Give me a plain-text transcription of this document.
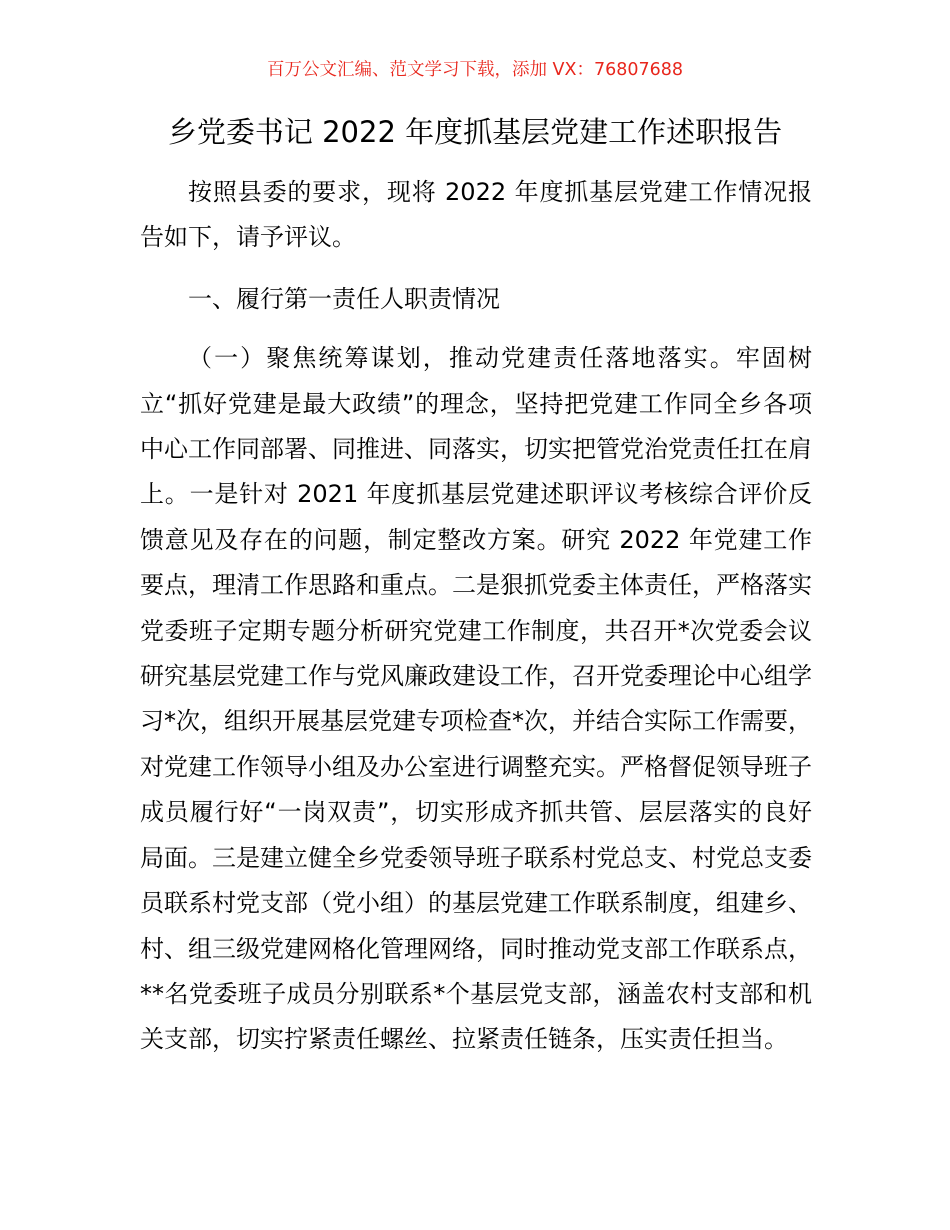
百万公文汇编、范文学习下载，添加 VX：76807688
乡党委书记 2022 年度抓基层党建工作述职报告

按照县委的要求，现将 2022 年度抓基层党建工作情况报告如下，请予评议。

一、履行第一责任人职责情况

（一）聚焦统筹谋划，推动党建责任落地落实。牢固树立“抓好党建是最大政绩”的理念，坚持把党建工作同全乡各项中心工作同部署、同推进、同落实，切实把管党治党责任扛在肩上。一是针对 2021 年度抓基层党建述职评议考核综合评价反馈意见及存在的问题，制定整改方案。研究 2022 年党建工作要点，理清工作思路和重点。二是狠抓党委主体责任，严格落实党委班子定期专题分析研究党建工作制度，共召开*次党委会议研究基层党建工作与党风廉政建设工作，召开党委理论中心组学习*次，组织开展基层党建专项检查*次，并结合实际工作需要，对党建工作领导小组及办公室进行调整充实。严格督促领导班子成员履行好“一岗双责”，切实形成齐抓共管、层层落实的良好局面。三是建立健全乡党委领导班子联系村党总支、村党总支委员联系村党支部（党小组）的基层党建工作联系制度，组建乡、村、组三级党建网格化管理网络，同时推动党支部工作联系点，**名党委班子成员分别联系*个基层党支部，涵盖农村支部和机关支部，切实拧紧责任螺丝、拉紧责任链条，压实责任担当。
